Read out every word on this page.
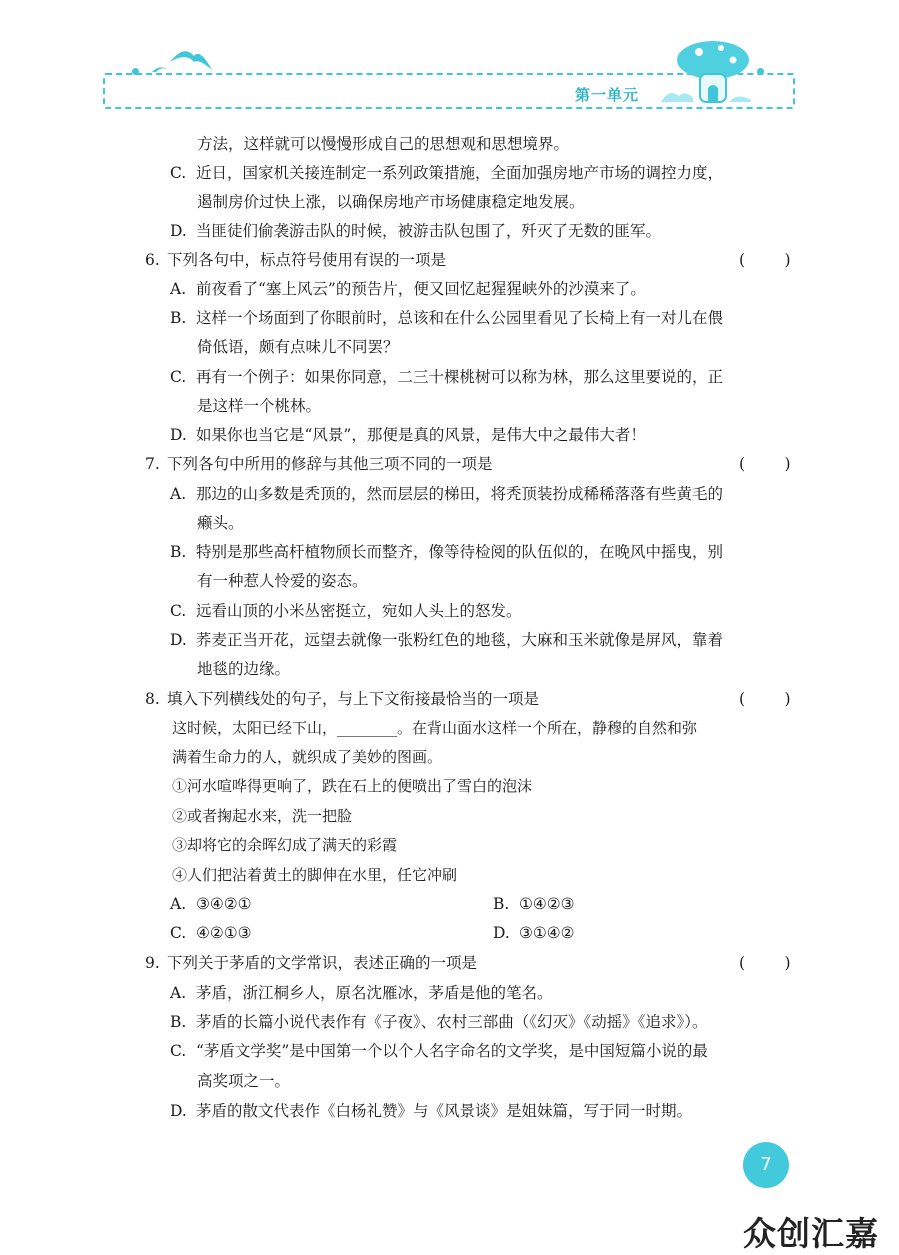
第一单元
方法，这样就可以慢慢形成自己的思想观和思想境界。
C. 近日，国家机关接连制定一系列政策措施，全面加强房地产市场的调控力度，
遏制房价过快上涨，以确保房地产市场健康稳定地发展。
D. 当匪徒们偷袭游击队的时候，被游击队包围了，歼灭了无数的匪军。
6. 下列各句中，标点符号使用有误的一项是	(        )
A. 前夜看了“塞上风云”的预告片，便又回忆起猩猩峡外的沙漠来了。
B. 这样一个场面到了你眼前时，总该和在什么公园里看见了长椅上有一对儿在偎
倚低语，颇有点味儿不同罢？
C. 再有一个例子：如果你同意，二三十棵桃树可以称为林，那么这里要说的，正
是这样一个桃林。
D. 如果你也当它是“风景”，那便是真的风景，是伟大中之最伟大者！
7. 下列各句中所用的修辞与其他三项不同的一项是	(        )
A. 那边的山多数是秃顶的，然而层层的梯田，将秃顶装扮成稀稀落落有些黄毛的
癞头。
B. 特别是那些高杆植物颀长而整齐，像等待检阅的队伍似的，在晚风中摇曳，别
有一种惹人怜爱的姿态。
C. 远看山顶的小米丛密挺立，宛如人头上的怒发。
D. 荞麦正当开花，远望去就像一张粉红色的地毯，大麻和玉米就像是屏风，靠着
地毯的边缘。
8. 填入下列横线处的句子，与上下文衔接最恰当的一项是	(        )
这时候，太阳已经下山，________。在背山面水这样一个所在，静穆的自然和弥
满着生命力的人，就织成了美妙的图画。
①河水喧哗得更响了，跌在石上的便喷出了雪白的泡沫
②或者掬起水来，洗一把脸
③却将它的余晖幻成了满天的彩霞
④人们把沾着黄土的脚伸在水里，任它冲刷
A. ③④②①	B. ①④②③
C. ④②①③	D. ③①④②
9. 下列关于茅盾的文学常识，表述正确的一项是	(        )
A. 茅盾，浙江桐乡人，原名沈雁冰，茅盾是他的笔名。
B. 茅盾的长篇小说代表作有《子夜》、农村三部曲（《幻灭》《动摇》《追求》）。
C. “茅盾文学奖”是中国第一个以个人名字命名的文学奖，是中国短篇小说的最
高奖项之一。
D. 茅盾的散文代表作《白杨礼赞》与《风景谈》是姐妹篇，写于同一时期。
7
众创汇嘉
